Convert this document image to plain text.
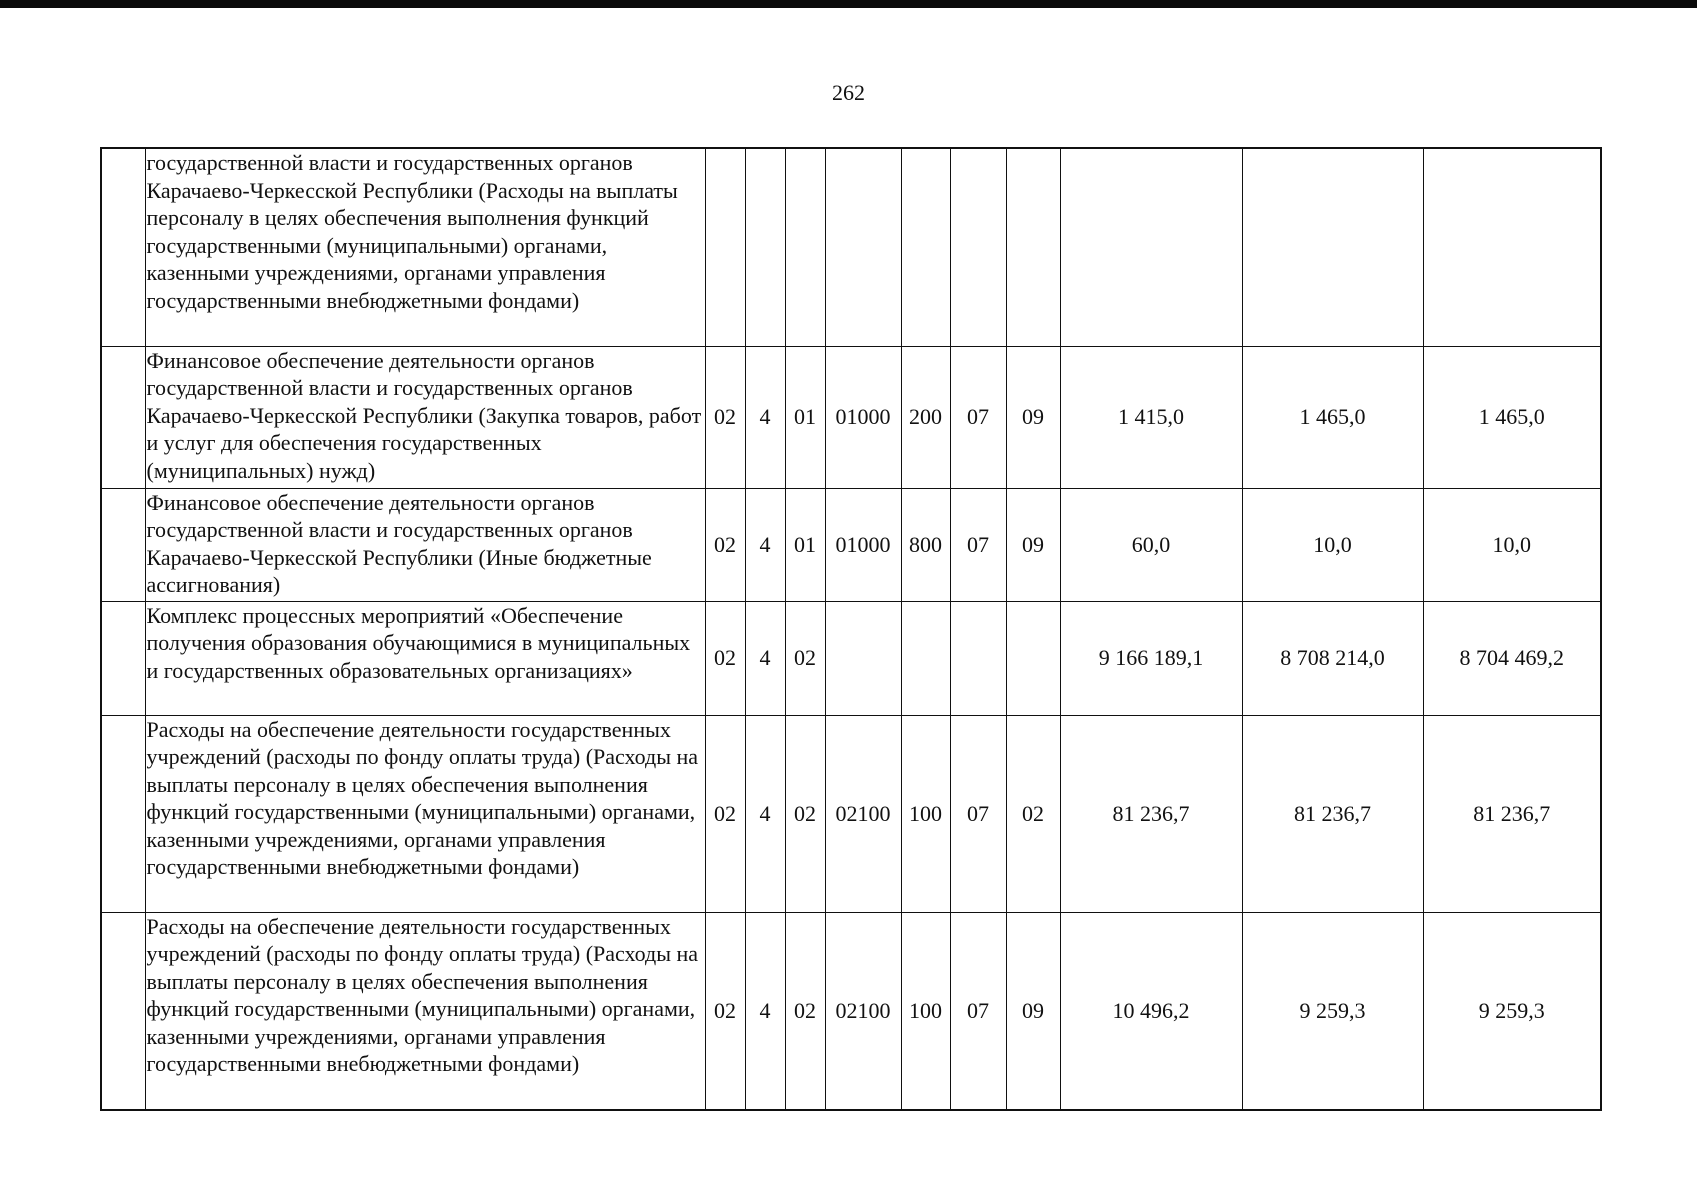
262
	государственной власти и государственных органов Карачаево-Черкесской Республики (Расходы на выплаты персоналу в целях обеспечения выполнения функций государственными (муниципальными) органами, казенными учреждениями, органами управления государственными внебюджетными фондами)										
	Финансовое обеспечение деятельности органов государственной власти и государственных органов Карачаево-Черкесской Республики (Закупка товаров, работ и услуг для обеспечения государственных (муниципальных) нужд)	02	4	01	01000	200	07	09	1 415,0	1 465,0	1 465,0
	Финансовое обеспечение деятельности органов государственной власти и государственных органов Карачаево-Черкесской Республики (Иные бюджетные ассигнования)	02	4	01	01000	800	07	09	60,0	10,0	10,0
	Комплекс процессных мероприятий «Обеспечение получения образования обучающимися в муниципальных и государственных образовательных организациях»	02	4	02					9 166 189,1	8 708 214,0	8 704 469,2
	Расходы на обеспечение деятельности государственных учреждений (расходы по фонду оплаты труда) (Расходы на выплаты персоналу в целях обеспечения выполнения функций государственными (муниципальными) органами, казенными учреждениями, органами управления государственными внебюджетными фондами)	02	4	02	02100	100	07	02	81 236,7	81 236,7	81 236,7
	Расходы на обеспечение деятельности государственных учреждений (расходы по фонду оплаты труда) (Расходы на выплаты персоналу в целях обеспечения выполнения функций государственными (муниципальными) органами, казенными учреждениями, органами управления государственными внебюджетными фондами)	02	4	02	02100	100	07	09	10 496,2	9 259,3	9 259,3
